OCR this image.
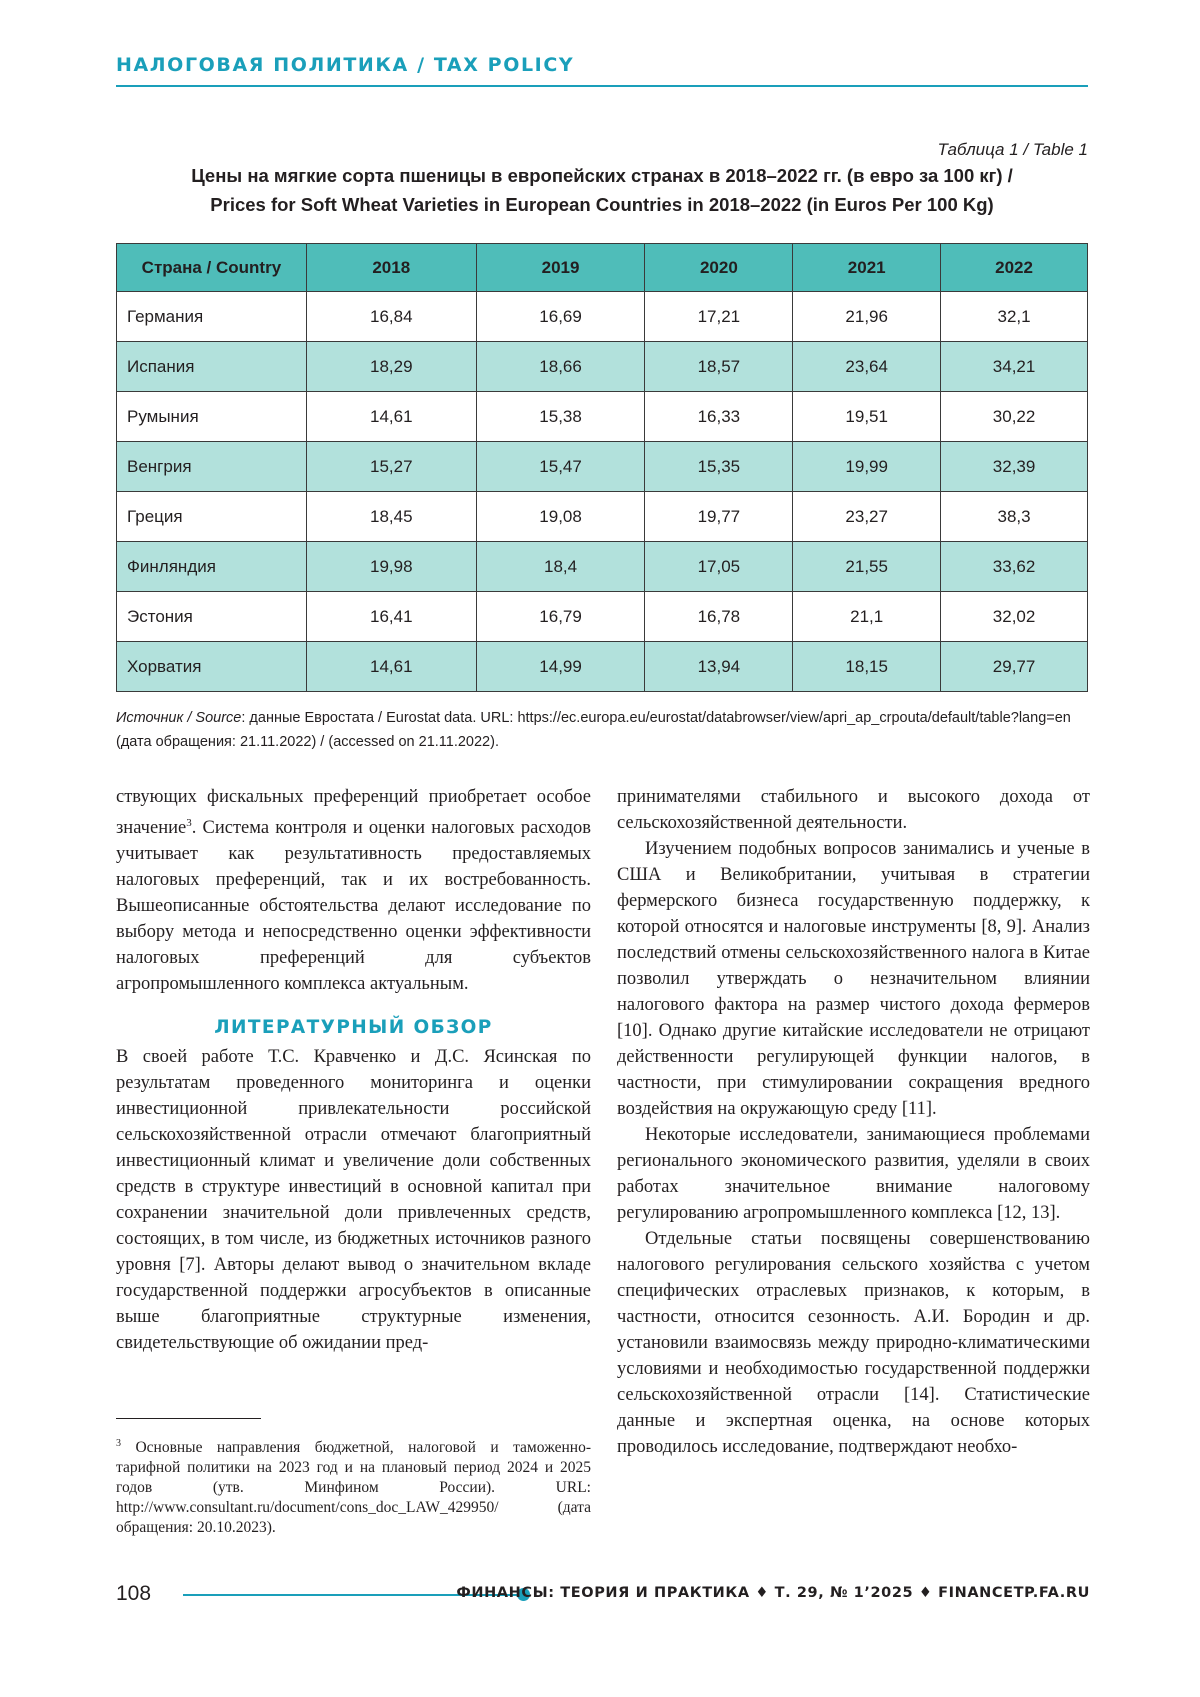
НАЛОГОВАЯ ПОЛИТИКА / TAX POLICY
Таблица 1 / Table 1
Цены на мягкие сорта пшеницы в европейских странах в 2018–2022 гг. (в евро за 100 кг) /
Prices for Soft Wheat Varieties in European Countries in 2018–2022 (in Euros Per 100 Kg)
Страна / Country	2018	2019	2020	2021	2022
Германия	16,84	16,69	17,21	21,96	32,1
Испания	18,29	18,66	18,57	23,64	34,21
Румыния	14,61	15,38	16,33	19,51	30,22
Венгрия	15,27	15,47	15,35	19,99	32,39
Греция	18,45	19,08	19,77	23,27	38,3
Финляндия	19,98	18,4	17,05	21,55	33,62
Эстония	16,41	16,79	16,78	21,1	32,02
Хорватия	14,61	14,99	13,94	18,15	29,77
Источник / Source: данные Евростата / Eurostat data. URL: https://ec.europa.eu/eurostat/databrowser/view/apri_ap_crpouta/default/table?lang=en (дата обращения: 21.11.2022) / (accessed on 21.11.2022).

ствующих фискальных преференций приобретает особое значение$^3$. Система контроля и оценки налоговых расходов учитывает как результативность предоставляемых налоговых преференций, так и их востребованность. Вышеописанные обстоятельства делают исследование по выбору метода и непосредственно оценки эффективности налоговых преференций для субъектов агропромышленного комплекса актуальным.

ЛИТЕРАТУРНЫЙ ОБЗОР

В своей работе Т.С. Кравченко и Д.С. Ясинская по результатам проведенного мониторинга и оценки инвестиционной привлекательности российской сельскохозяйственной отрасли отмечают благоприятный инвестиционный климат и увеличение доли собственных средств в структуре инвестиций в основной капитал при сохранении значительной доли привлеченных средств, состоящих, в том числе, из бюджетных источников разного уровня [7]. Авторы делают вывод о значительном вкладе государственной поддержки агросубъектов в описанные выше благоприятные структурные изменения, свидетельствующие об ожидании пред-

принимателями стабильного и высокого дохода от сельскохозяйственной деятельности.

Изучением подобных вопросов занимались и ученые в США и Великобритании, учитывая в стратегии фермерского бизнеса государственную поддержку, к которой относятся и налоговые инструменты [8, 9]. Анализ последствий отмены сельскохозяйственного налога в Китае позволил утверждать о незначительном влиянии налогового фактора на размер чистого дохода фермеров [10]. Однако другие китайские исследователи не отрицают действенности регулирующей функции налогов, в частности, при стимулировании сокращения вредного воздействия на окружающую среду [11].

Некоторые исследователи, занимающиеся проблемами регионального экономического развития, уделяли в своих работах значительное внимание налоговому регулированию агропромышленного комплекса [12, 13].

Отдельные статьи посвящены совершенствованию налогового регулирования сельского хозяйства с учетом специфических отраслевых признаков, к которым, в частности, относится сезонность. А.И. Бородин и др. установили взаимосвязь между природно-климатическими условиями и необходимостью государственной поддержки сельскохозяйственной отрасли [14]. Статистические данные и экспертная оценка, на основе которых проводилось исследование, подтверждают необхо-

$^3$ Основные направления бюджетной, налоговой и таможенно-тарифной политики на 2023 год и на плановый период 2024 и 2025 годов (утв. Минфином России). URL: http://www.consultant.ru/document/cons_doc_LAW_429950/ (дата обращения: 20.10.2023).
108	ФИНАНСЫ: ТЕОРИЯ И ПРАКТИКА ♦ Т. 29, № 1’2025 ♦ FINANCETP.FA.RU
